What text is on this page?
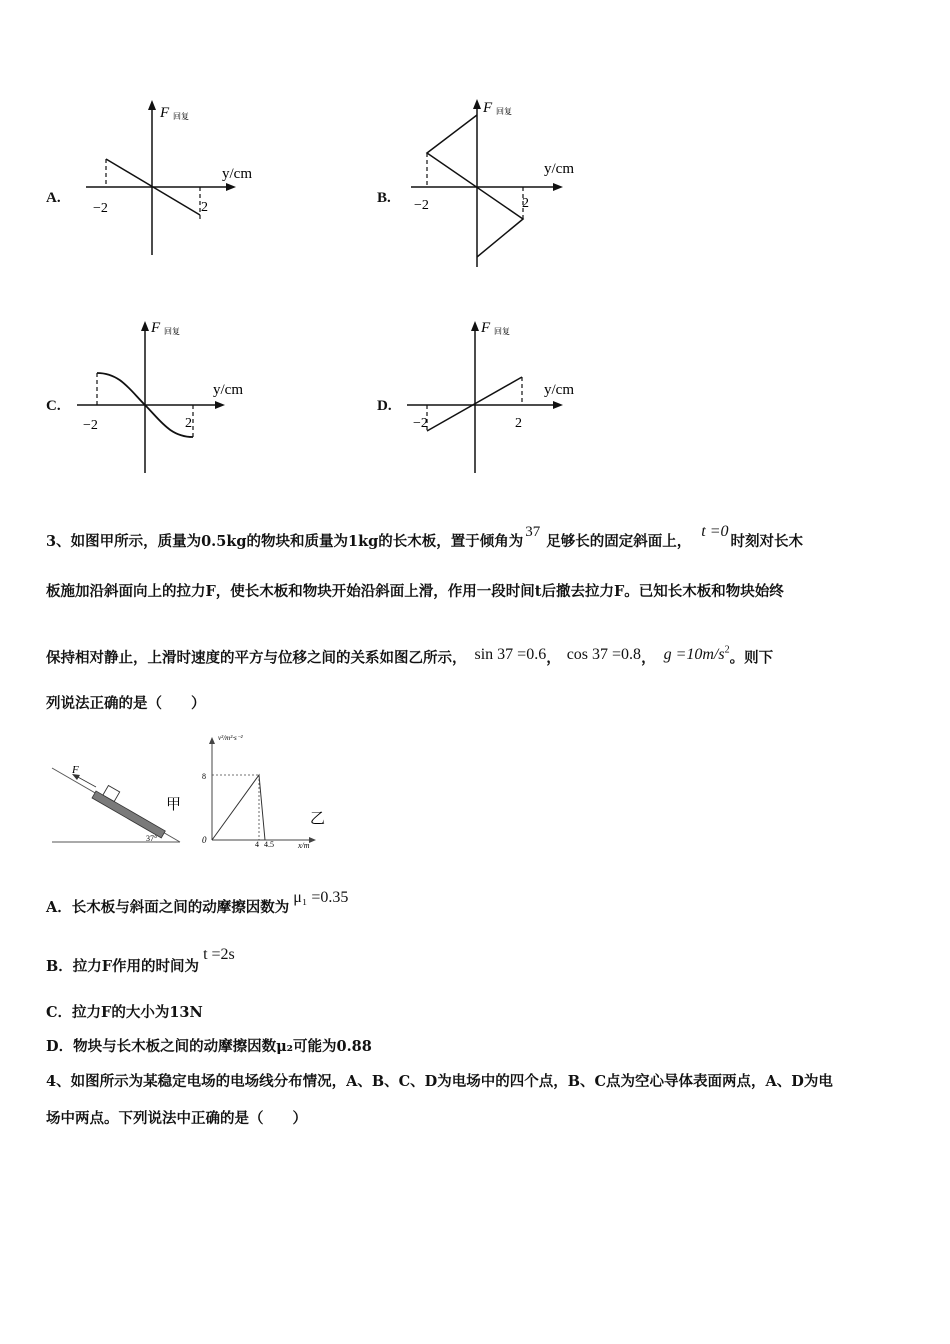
A.
F 回复
y/cm
−2	2
B.
F 回复
y/cm
−2	2
C.
F 回复
y/cm
−2	2
D.
F 回复
y/cm
−2	2
3、如图甲所示，质量为0.5kg的物块和质量为1kg的长木板，置于倾角为37足够长的固定斜面上，t =0时刻对长木
板施加沿斜面向上的拉力F，使长木板和物块开始沿斜面上滑，作用一段时间t后撤去拉力F。已知长木板和物块始终
保持相对静止，上滑时速度的平方与位移之间的关系如图乙所示， sin 37 =0.6， cos 37 =0.8， $g =10m/s^2$。则下
列说法正确的是（　　）
F
37°
甲
v²/m²·s⁻²
8
0	4 4.5	x/m
乙
A．长木板与斜面之间的动摩擦因数为μ₁ =0.35
B．拉力F作用的时间为t =2s
C．拉力F的大小为13N
D．物块与长木板之间的动摩擦因数μ₂可能为0.88
4、如图所示为某稳定电场的电场线分布情况，A、B、C、D为电场中的四个点，B、C点为空心导体表面两点，A、D为电
场中两点。下列说法中正确的是（　　）
